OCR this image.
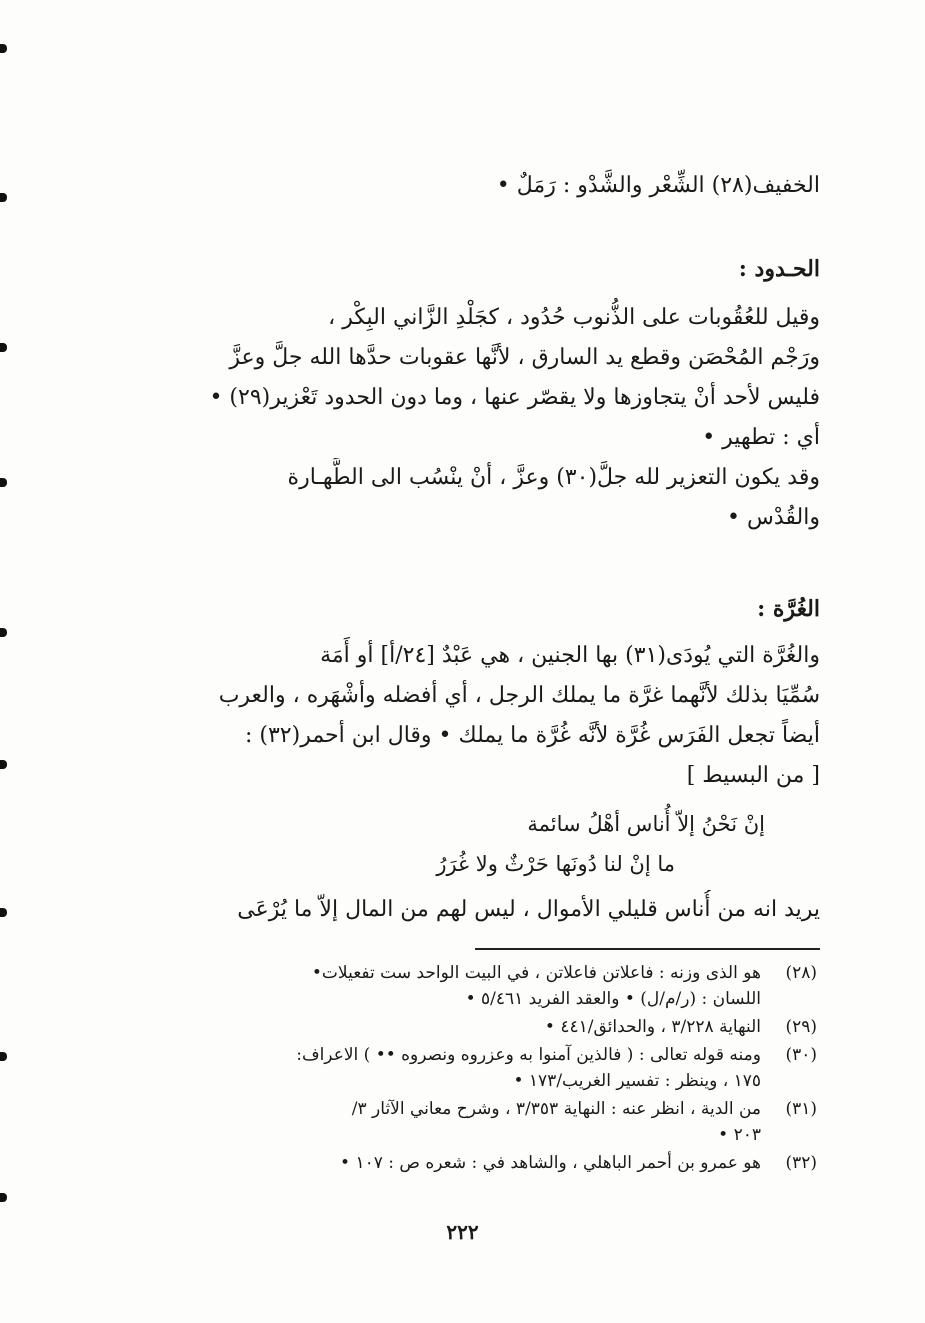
الخفيف(٢٨) الشِّعْر والشَّدْو : رَمَلٌ •
الحـدود :
وقيل للعُقُوبات على الذُّنوب حُدُود ، كجَلْدِ الزَّاني البِكْر ،
ورَجْم المُحْصَن وقطع يد السارق ، لأنَّها عقوبات حدَّها الله جلَّ وعزَّ
فليس لأحد أنْ يتجاوزها ولا يقصّر عنها ، وما دون الحدود تَعْزير(٢٩) •
أي : تطهير •
وقد يكون التعزير لله جلَّ(٣٠) وعزَّ ، أنْ ينْسُب الى الطَّهـارة
والقُدْس •
الغُرَّة :
والغُرَّة التي يُودَى(٣١) بها الجنين ، هي عَبْدٌ [٢٤/أ] أو أَمَة
سُمِّيَا بذلك لأنَّهما غرَّة ما يملك الرجل ، أي أفضله وأشْهَره ، والعرب
أيضاً تجعل الفَرَس غُرَّة لأنَّه غُرَّة ما يملك • وقال ابن أحمر(٣٢) :
[ من البسيط ]
إنْ نَحْنُ إلاّ أُناس أهْلُ سائمة
ما إنْ لنا دُونَها حَرْثٌ ولا غُرَرُ
يريد انه من أُناس قليلي الأموال ، ليس لهم من المال إلاّ ما يُرْعَى
(٢٨)
هو الذى وزنه : فاعلاتن فاعلاتن ، في البيت الواحد ست تفعيلات•
اللسان : (ر/م/ل) • والعقد الفريد ٥/٤٦١ •
(٢٩)
النهاية ٣/٢٢٨ ، والحدائق/٤٤١ •
(٣٠)
ومنه قوله تعالى : ( فالذين آمنوا به وعزروه ونصروه •• ) الاعراف:
١٧٥ ، وينظر : تفسير الغريب/١٧٣ •
(٣١)
من الدية ، انظر عنه : النهاية ٣/٣٥٣ ، وشرح معاني الآثار ٣/
٢٠٣ •
(٣٢)
هو عمرو بن أحمر الباهلي ، والشاهد في : شعره ص : ١٠٧ •
٢٢٢
